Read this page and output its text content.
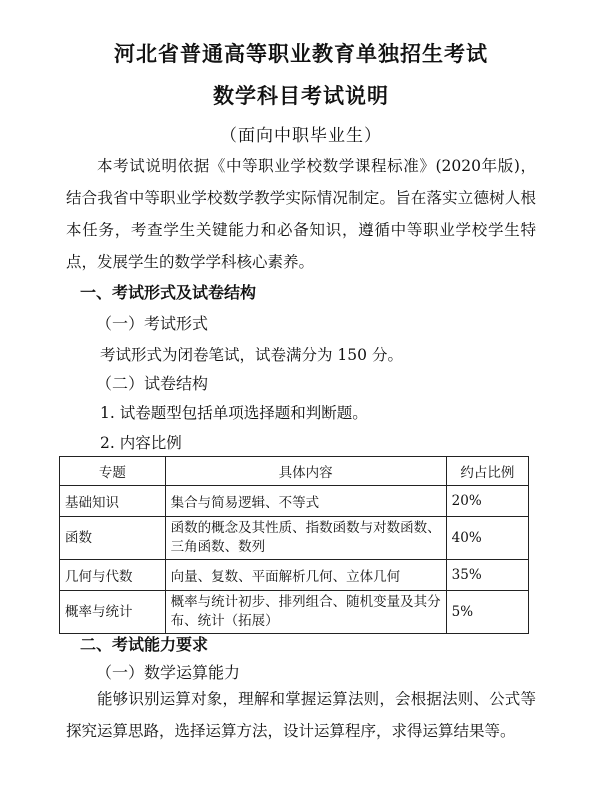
河北省普通高等职业教育单独招生考试
数学科目考试说明
（面向中职毕业生）
本考试说明依据《中等职业学校数学课程标准》(2020年版)，结合我省中等职业学校数学教学实际情况制定。旨在落实立德树人根本任务，考查学生关键能力和必备知识，遵循中等职业学校学生特点，发展学生的数学学科核心素养。
一、考试形式及试卷结构
（一）考试形式
考试形式为闭卷笔试，试卷满分为 150 分。
（二）试卷结构
1. 试卷题型包括单项选择题和判断题。
2. 内容比例
专题	具体内容	约占比例
基础知识	集合与简易逻辑、不等式	20%
函数	函数的概念及其性质、指数函数与对数函数、三角函数、数列	40%
几何与代数	向量、复数、平面解析几何、立体几何	35%
概率与统计	概率与统计初步、排列组合、随机变量及其分布、统计（拓展）	5%
二、考试能力要求
（一）数学运算能力
能够识别运算对象，理解和掌握运算法则，会根据法则、公式等探究运算思路，选择运算方法，设计运算程序，求得运算结果等。
